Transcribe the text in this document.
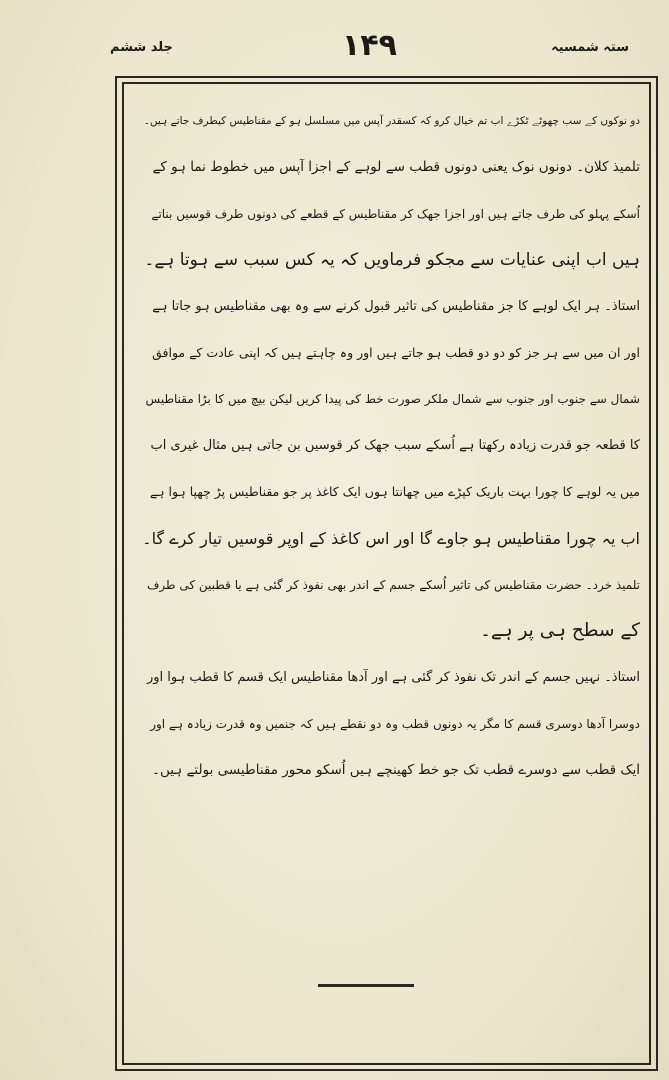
جلد ششم	۱۴۹	ستہ شمسیہ
دو ﻧﻮﮐﻮﮞ ﮐﮯ ﺳﺐ ﭼﮭﻮﭨﮯ ﭨﮑﮍﮮ اب تم خیال کرو کہ کسقدر آپس میں مسلسل ہو کے مقناطیس کیطرف جاتے ہیں۔
تلمیذ کلان۔ دونوں نوک یعنی دونوں قطب سے لوہے کے اجزا آپس میں خطوط نما ہو کے
اُسکے پہلو کی طرف جاتے ہیں اور اجزا جھک کر مقناطیس کے قطعے کی دونوں طرف قوسیں بناتے
ہیں اب اپنی عنایات سے مجکو فرماویں کہ یہ کس سبب سے ہوتا ہے۔
استاذ۔ ہر ایک لوہے کا جز مقناطیس کی تاثیر قبول کرنے سے وہ بھی مقناطیس ہو جاتا ہے
اور ان میں سے ہر جز کو دو دو قطب ہو جاتے ہیں اور وہ چاہتے ہیں کہ اپنی عادت کے موافق
شمال سے جنوب اور جنوب سے شمال ملکر صورت خط کی پیدا کریں لیکن بیچ میں کا بڑا مقناطیس
کا قطعہ جو قدرت زیادہ رکھتا ہے اُسکے سبب جھک کر قوسیں بن جاتی ہیں مثال غیری اب
میں یہ لوہے کا چورا بہت باریک کپڑے میں چھانتا ہوں ایک کاغذ پر جو مقناطیس پڑ چھپا ہوا ہے
اب یہ چورا مقناطیس ہو جاوے گا اور اس کاغذ کے اوپر قوسیں تیار کرے گا۔
تلمیذ خرد۔ حضرت مقناطیس کی تاثیر اُسکے جسم کے اندر بھی نفوذ کر گئی ہے یا قطبین کی طرف
کے سطح ہی پر ہے۔
استاذ۔ نہیں جسم کے اندر تک نفوذ کر گئی ہے اور آدھا مقناطیس ایک قسم کا قطب ہوا اور
دوسرا آدھا دوسری قسم کا مگر یہ دونوں قطب وہ دو نقطے ہیں کہ جنمیں وہ قدرت زیادہ ہے اور
ایک قطب سے دوسرے قطب تک جو خط کھینچے ہیں اُسکو محور مقناطیسی بولتے ہیں۔
